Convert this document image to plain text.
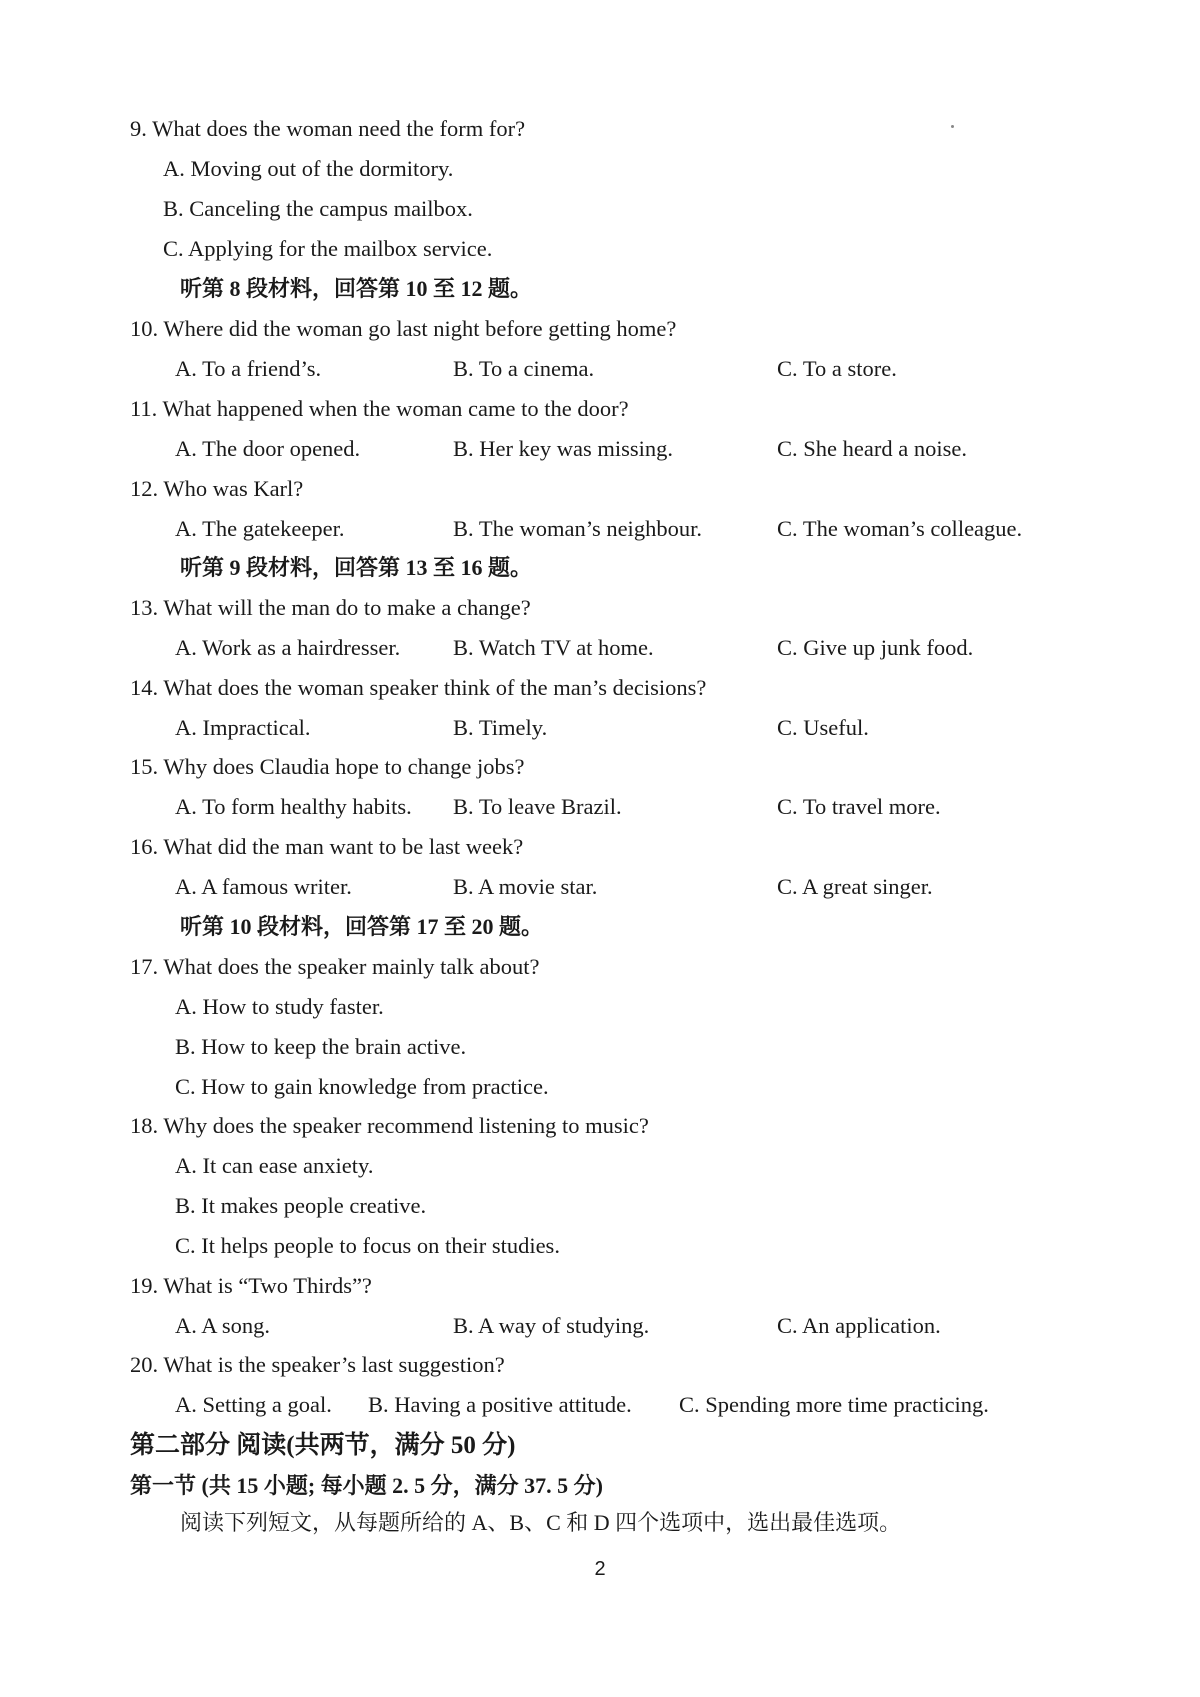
9. What does the woman need the form for?
A. Moving out of the dormitory.
B. Canceling the campus mailbox.
C. Applying for the mailbox service.
听第 8 段材料，回答第 10 至 12 题。
10. Where did the woman go last night before getting home?
A. To a friend’s.	B. To a cinema.	C. To a store.
11. What happened when the woman came to the door?
A. The door opened.	B. Her key was missing.	C. She heard a noise.
12. Who was Karl?
A. The gatekeeper.	B. The woman’s neighbour.	C. The woman’s colleague.
听第 9 段材料，回答第 13 至 16 题。
13. What will the man do to make a change?
A. Work as a hairdresser. B. Watch TV at home.	C. Give up junk food.
14. What does the woman speaker think of the man’s decisions?
A. Impractical.	B. Timely.	C. Useful.
15. Why does Claudia hope to change jobs?
A. To form healthy habits. B. To leave Brazil.	C. To travel more.
16. What did the man want to be last week?
A. A famous writer.	B. A movie star.	C. A great singer.
听第 10 段材料，回答第 17 至 20 题。
17. What does the speaker mainly talk about?
A. How to study faster.
B. How to keep the brain active.
C. How to gain knowledge from practice.
18. Why does the speaker recommend listening to music?
A. It can ease anxiety.
B. It makes people creative.
C. It helps people to focus on their studies.
19. What is “Two Thirds”?
A. A song.	B. A way of studying.	C. An application.
20. What is the speaker’s last suggestion?
A. Setting a goal. B. Having a positive attitude. C. Spending more time practicing.
第二部分 阅读(共两节，满分 50 分)
第一节 (共 15 小题; 每小题 2. 5 分，满分 37. 5 分)
阅读下列短文，从每题所给的 A、B、C 和 D 四个选项中，选出最佳选项。
2
